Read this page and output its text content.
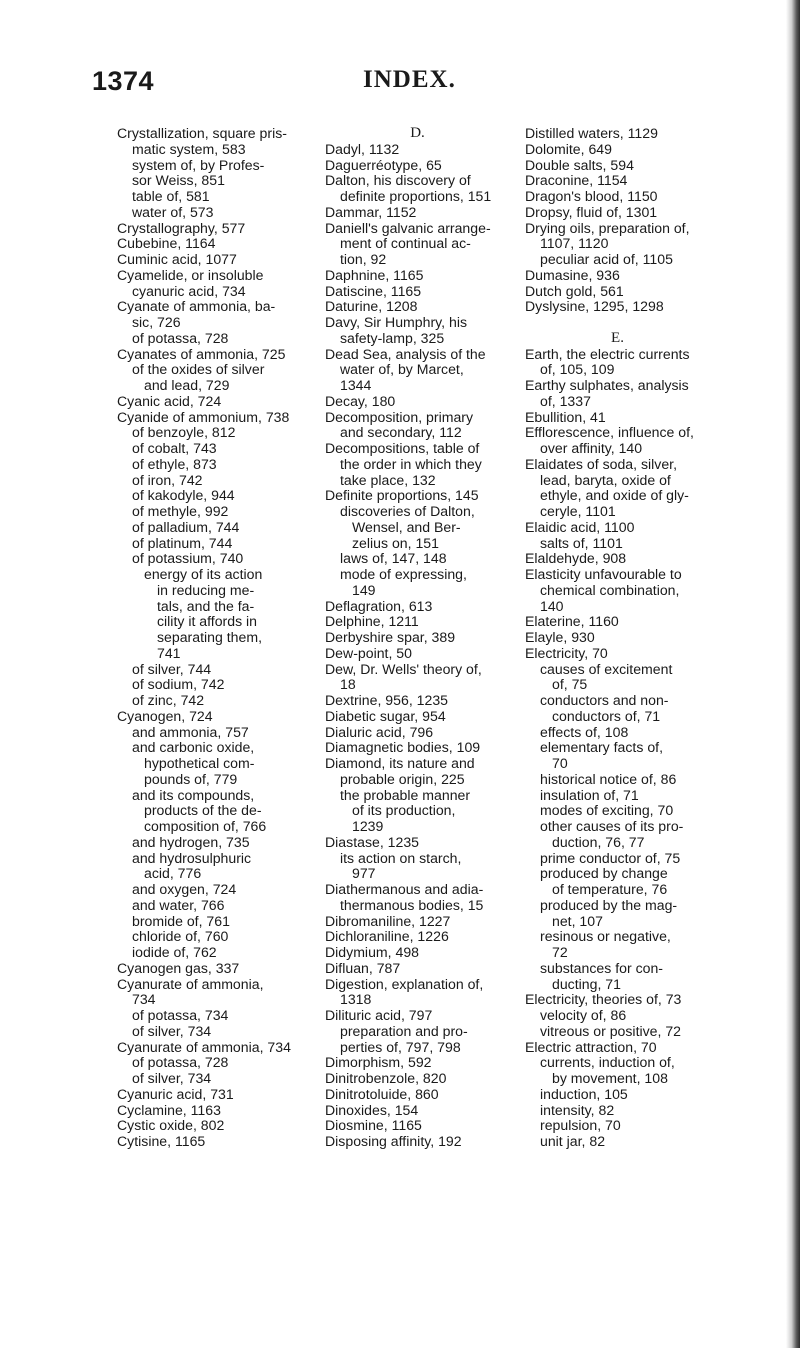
1374	INDEX.
Crystallization, square pris-
matic system, 583
system of, by Profes-
sor Weiss, 851
table of, 581
water of, 573
Crystallography, 577
Cubebine, 1164
Cuminic acid, 1077
Cyamelide, or insoluble
cyanuric acid, 734
Cyanate of ammonia, ba-
sic, 726
of potassa, 728
Cyanates of ammonia, 725
of the oxides of silver
and lead, 729
Cyanic acid, 724
Cyanide of ammonium, 738
of benzoyle, 812
of cobalt, 743
of ethyle, 873
of iron, 742
of kakodyle, 944
of methyle, 992
of palladium, 744
of platinum, 744
of potassium, 740
energy of its action
in reducing me-
tals, and the fa-
cility it affords in
separating them,
741
of silver, 744
of sodium, 742
of zinc, 742
Cyanogen, 724
and ammonia, 757
and carbonic oxide,
hypothetical com-
pounds of, 779
and its compounds,
products of the de-
composition of, 766
and hydrogen, 735
and hydrosulphuric
acid, 776
and oxygen, 724
and water, 766
bromide of, 761
chloride of, 760
iodide of, 762
Cyanogen gas, 337
Cyanurate of ammonia,
734
of potassa, 734
of silver, 734
Cyanurate of ammonia, 734
of potassa, 728
of silver, 734
Cyanuric acid, 731
Cyclamine, 1163
Cystic oxide, 802
Cytisine, 1165
D.
Dadyl, 1132
Daguerréotype, 65
Dalton, his discovery of
definite proportions, 151
Dammar, 1152
Daniell's galvanic arrange-
ment of continual ac-
tion, 92
Daphnine, 1165
Datiscine, 1165
Daturine, 1208
Davy, Sir Humphry, his
safety-lamp, 325
Dead Sea, analysis of the
water of, by Marcet,
1344
Decay, 180
Decomposition, primary
and secondary, 112
Decompositions, table of
the order in which they
take place, 132
Definite proportions, 145
discoveries of Dalton,
Wensel, and Ber-
zelius on, 151
laws of, 147, 148
mode of expressing,
149
Deflagration, 613
Delphine, 1211
Derbyshire spar, 389
Dew-point, 50
Dew, Dr. Wells' theory of,
18
Dextrine, 956, 1235
Diabetic sugar, 954
Dialuric acid, 796
Diamagnetic bodies, 109
Diamond, its nature and
probable origin, 225
the probable manner
of its production,
1239
Diastase, 1235
its action on starch,
977
Diathermanous and adia-
thermanous bodies, 15
Dibromaniline, 1227
Dichloraniline, 1226
Didymium, 498
Difluan, 787
Digestion, explanation of,
1318
Dilituric acid, 797
preparation and pro-
perties of, 797, 798
Dimorphism, 592
Dinitrobenzole, 820
Dinitrotoluide, 860
Dinoxides, 154
Diosmine, 1165
Disposing affinity, 192
Distilled waters, 1129
Dolomite, 649
Double salts, 594
Draconine, 1154
Dragon's blood, 1150
Dropsy, fluid of, 1301
Drying oils, preparation of,
1107, 1120
peculiar acid of, 1105
Dumasine, 936
Dutch gold, 561
Dyslysine, 1295, 1298
E.
Earth, the electric currents
of, 105, 109
Earthy sulphates, analysis
of, 1337
Ebullition, 41
Efflorescence, influence of,
over affinity, 140
Elaidates of soda, silver,
lead, baryta, oxide of
ethyle, and oxide of gly-
ceryle, 1101
Elaidic acid, 1100
salts of, 1101
Elaldehyde, 908
Elasticity unfavourable to
chemical combination,
140
Elaterine, 1160
Elayle, 930
Electricity, 70
causes of excitement
of, 75
conductors and non-
conductors of, 71
effects of, 108
elementary facts of,
70
historical notice of, 86
insulation of, 71
modes of exciting, 70
other causes of its pro-
duction, 76, 77
prime conductor of, 75
produced by change
of temperature, 76
produced by the mag-
net, 107
resinous or negative,
72
substances for con-
ducting, 71
Electricity, theories of, 73
velocity of, 86
vitreous or positive, 72
Electric attraction, 70
currents, induction of,
by movement, 108
induction, 105
intensity, 82
repulsion, 70
unit jar, 82
